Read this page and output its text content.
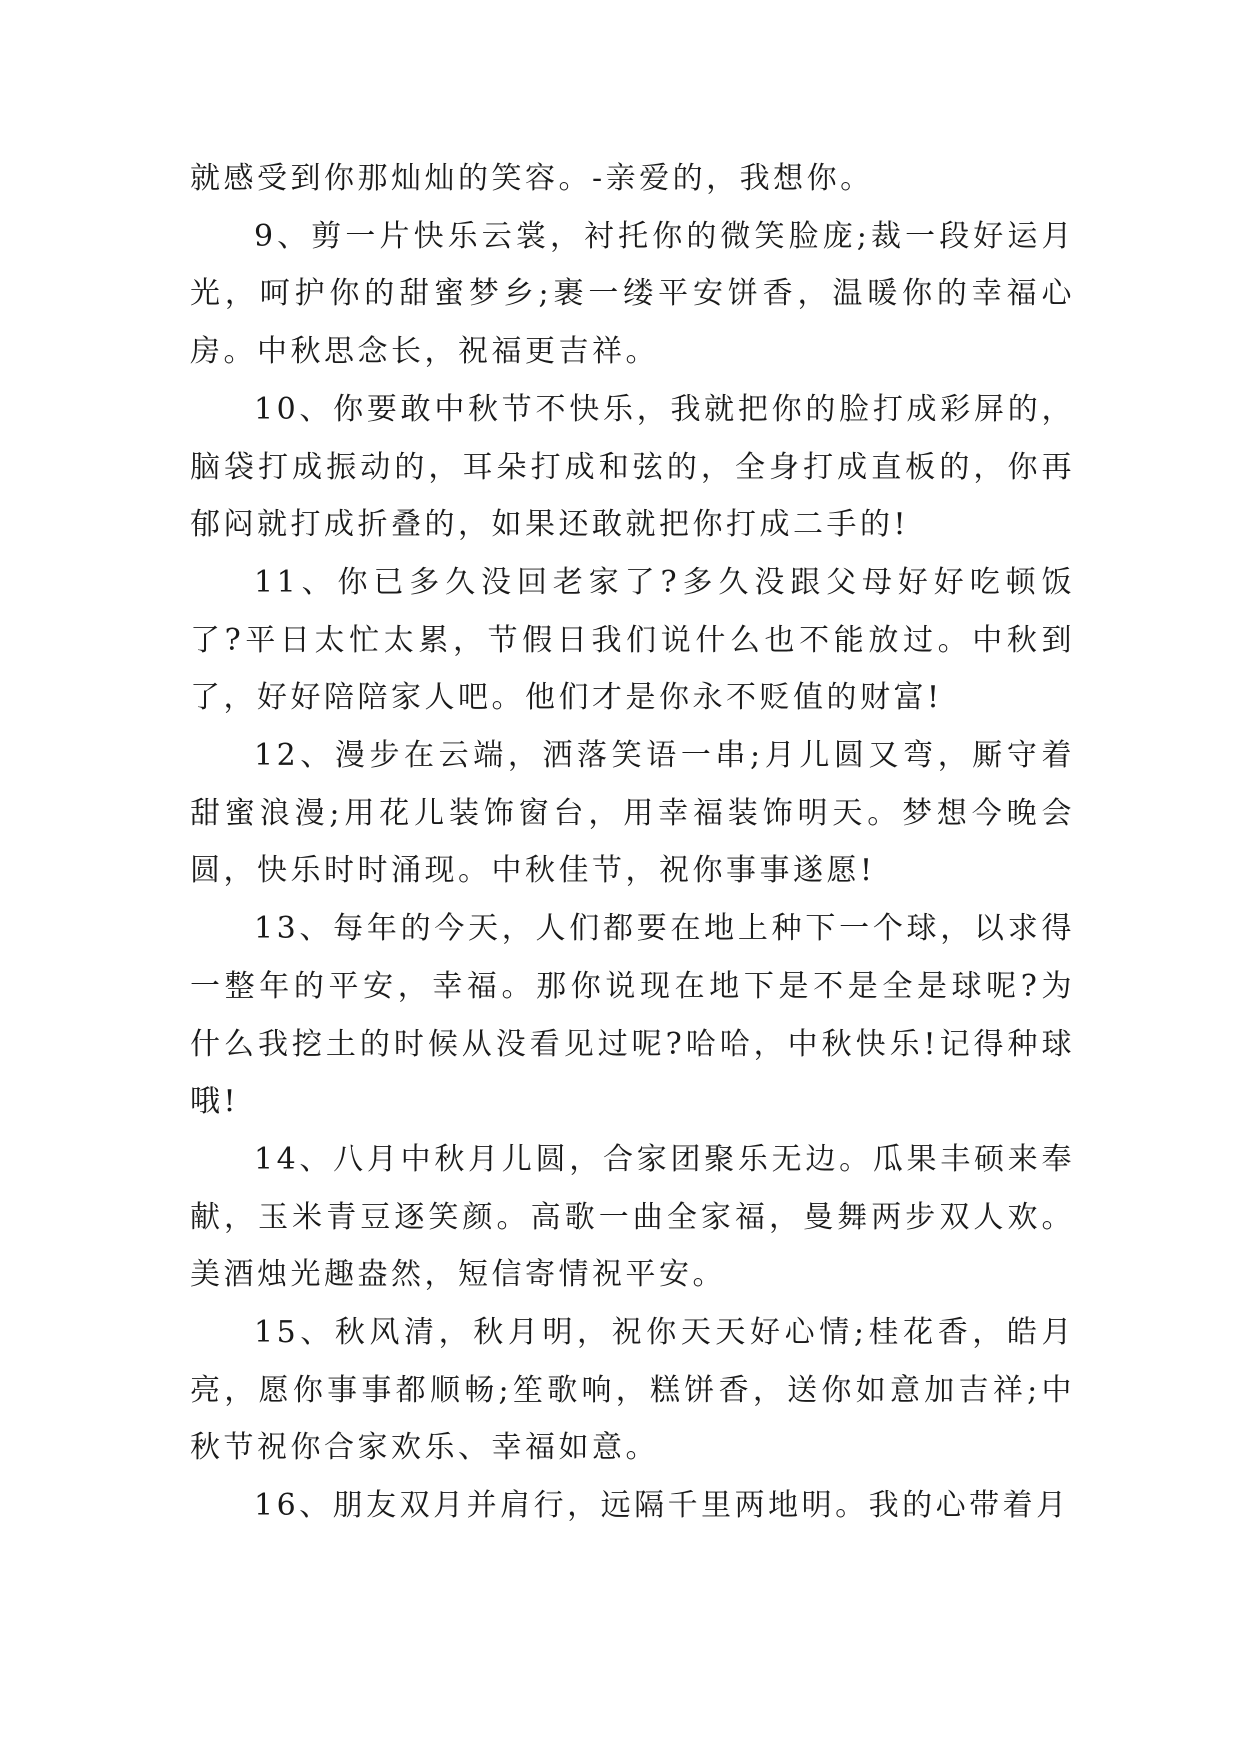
就感受到你那灿灿的笑容。-亲爱的，我想你。

9、剪一片快乐云裳，衬托你的微笑脸庞;裁一段好运月光，呵护你的甜蜜梦乡;裹一缕平安饼香，温暖你的幸福心房。中秋思念长，祝福更吉祥。

10、你要敢中秋节不快乐，我就把你的脸打成彩屏的，脑袋打成振动的，耳朵打成和弦的，全身打成直板的，你再郁闷就打成折叠的，如果还敢就把你打成二手的!

11、你已多久没回老家了?多久没跟父母好好吃顿饭了?平日太忙太累，节假日我们说什么也不能放过。中秋到了，好好陪陪家人吧。他们才是你永不贬值的财富!

12、漫步在云端，洒落笑语一串;月儿圆又弯，厮守着甜蜜浪漫;用花儿装饰窗台，用幸福装饰明天。梦想今晚会圆，快乐时时涌现。中秋佳节，祝你事事遂愿!

13、每年的今天，人们都要在地上种下一个球，以求得一整年的平安，幸福。那你说现在地下是不是全是球呢?为什么我挖土的时候从没看见过呢?哈哈，中秋快乐!记得种球哦!

14、八月中秋月儿圆，合家团聚乐无边。瓜果丰硕来奉献，玉米青豆逐笑颜。高歌一曲全家福，曼舞两步双人欢。美酒烛光趣盎然，短信寄情祝平安。

15、秋风清，秋月明，祝你天天好心情;桂花香，皓月亮，愿你事事都顺畅;笙歌响，糕饼香，送你如意加吉祥;中秋节祝你合家欢乐、幸福如意。

16、朋友双月并肩行，远隔千里两地明。我的心带着月
